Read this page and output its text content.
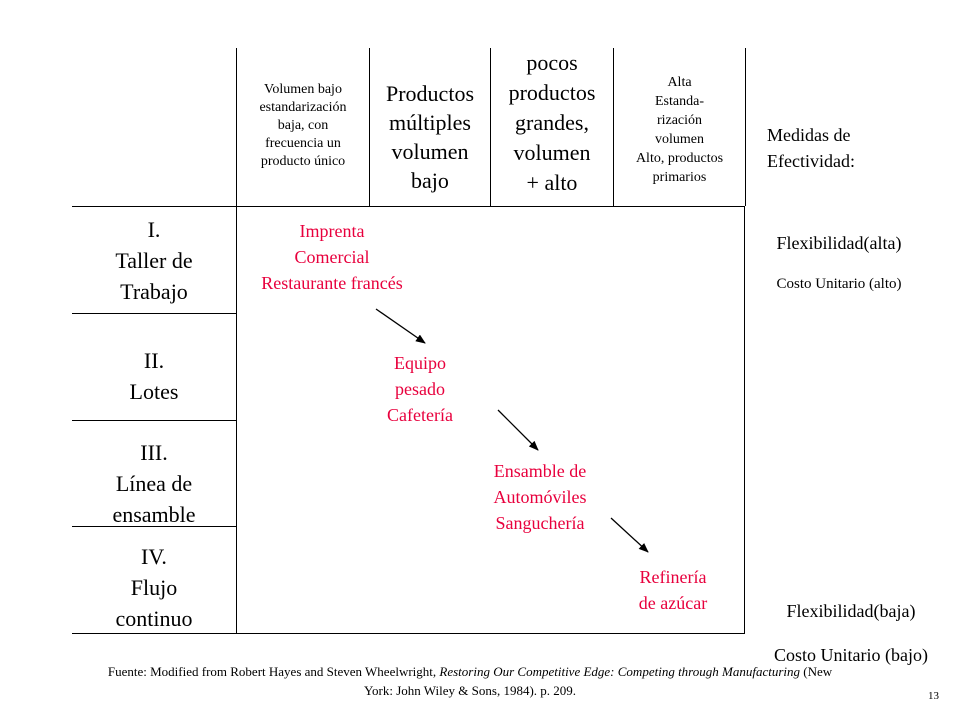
Volumen bajo
estandarización
baja, con
frecuencia un
producto único
Productos
múltiples
volumen
bajo
pocos
productos
grandes,
volumen
+ alto
Alta
Estanda-
rización
volumen
Alto, productos
primarios
Medidas de
Efectividad:

Flexibilidad(alta)

Costo Unitario (alto)

Flexibilidad(baja)

Costo Unitario (bajo)

I.
Taller de
Trabajo
II.
Lotes
III.
Línea de
ensamble
IV.
Flujo
continuo
Imprenta
Comercial
Restaurante francés
Equipo
pesado
Cafetería
Ensamble de
Automóviles
Sanguchería
Refinería
de azúcar
Fuente: Modified from Robert Hayes and Steven Wheelwright, Restoring Our Competitive Edge: Competing through Manufacturing (New
York: John Wiley & Sons, 1984). p. 209.	13
